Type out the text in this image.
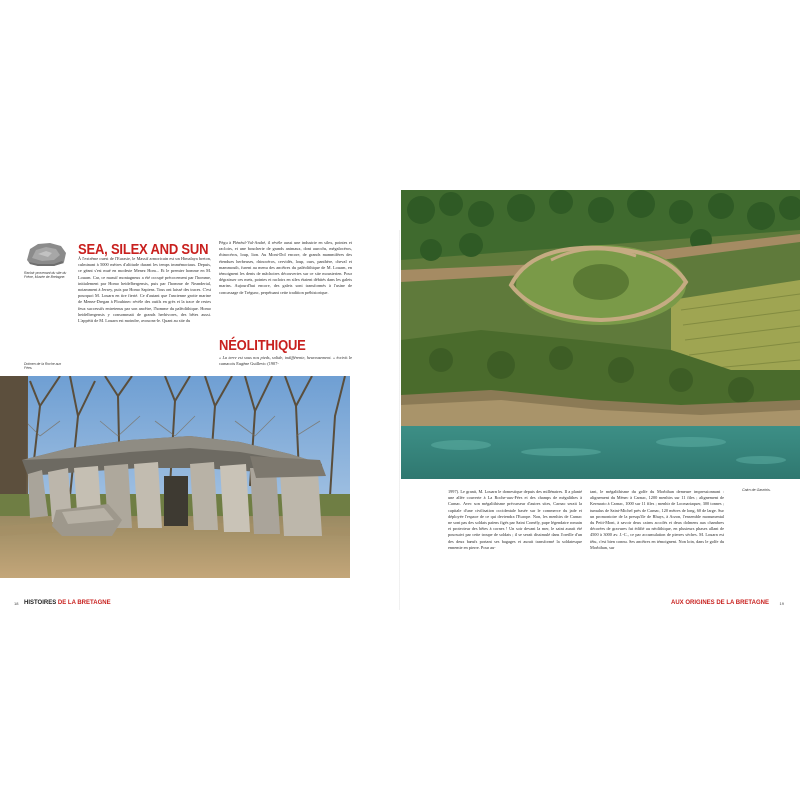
Racloir provenant du site du Frêne, Musée de Bretagne.
Dolmen de la Roche aux Fées.
SEA, SILEX AND SUN

À l'extrême ouest de l'Eurasie, le Massif armoricain est un Himalaya breton, culminant à 5000 mètres d'altitude durant les temps immémoriaux. Depuis, ce géant s'est mué en modeste Menez Hom... Et le premier homme en M. Louarn. Car, ce massif montagneux a été occupé précocement par l'homme, initialement par Homo heidelbergensis, puis par l'homme de Neandertal, notamment à Jersey, puis par Homo Sapiens. Tous ont laissé des traces. C'est pourquoi M. Louarn en tire fierté. Ce d'autant que l'ancienne grotte marine de Menez-Dregan à Plouhinec révèle des outils en grès et la trace de restes feux successifs entretenus par son ancêtre, l'homme du paléolithique. Homo heidelbergensis y consommait de grands herbivores, des bêtes aussi. L'appétit de M. Louarn est moindre, avouons-le. Quant au site du

Pégu à Plénéuf-Val-André, il révèle aussi une industrie en silex, pointes et racloirs, et une boucherie de grands animaux, dont aurochs, mégalocéros, rhinocéros, loup, lion. Au Mont-Dol encore, de grands mammifères des étendues herbeuses, rhinocéros, cervidés, loup, ours, panthère, cheval et mammouth, furent au menu des ancêtres du paléolithique de M. Louarn, en témoignent les dents de mâchoires découvertes sur ce site mousterien. Pour dégraisser ces mets, pointes et racloirs en silex étaient débités dans les galets marins. Aujourd'hui encore, des galets sont transformés à l'usine de concassage de Trégunc, perpétuant cette tradition préhistorique.

NÉOLITHIQUE

« La terre est sous nos pieds, solide, indifférente, heureusement. » écrivit le carnacois Eugène Guillevic (1907-

18 HISTOIRES DE LA BRETAGNE
Cairn de Gavrinis.

1997). Le granit, M. Louarn le domestique depuis des millénaires. Il a planté une allée couverte à La Roche-aux-Fées et des champs de mégalithes à Carnac. Avec son mégalithisme précurseur d'autres sites, Carnac serait la capitale d'une civilisation occidentale basée sur le commerce du jade et déployée l'espace de ce qui deviendra l'Europe. Non, les menhirs de Carnac ne sont pas des soldats païens figés par Saint Cornély, pape légendaire romain et protecteur des bêtes à cornes ! Un soir devant la mer, le saint aurait été poursuivi par cette troupe de soldats ; il se serait dissimulé dans l'oreille d'un des deux bœufs portant ses bagages et aurait transformé la soldatesque ennemie en pierre. Pour au-

tant, le mégalithisme du golfe du Morbihan demeure impressionnant : alignement du Ménec à Carnac, 1200 menhirs sur 11 files ; alignement de Kermario à Carnac, 1000 sur 11 files ; menhir de Locmariaquer, 300 tonnes ; tumulus de Saint-Michel près de Carnac, 120 mètres de long, 60 de large. Sur un promontoire de la presqu'île de Rhuys, à Arzon, l'ensemble monumental du Petit-Mont, à savoir deux cairns accolés et deux dolmens aux chambres décorées de gravures fut édifié au néolithique, en plusieurs phases allant de 4500 à 3000 av. J.-C., ce par accumulation de pierres sèches. M. Louarn est têtu, c'est bien connu. Ses ancêtres en témoignent. Non loin, dans le golfe du Morbihan, sur

AUX ORIGINES DE LA BRETAGNE	19
